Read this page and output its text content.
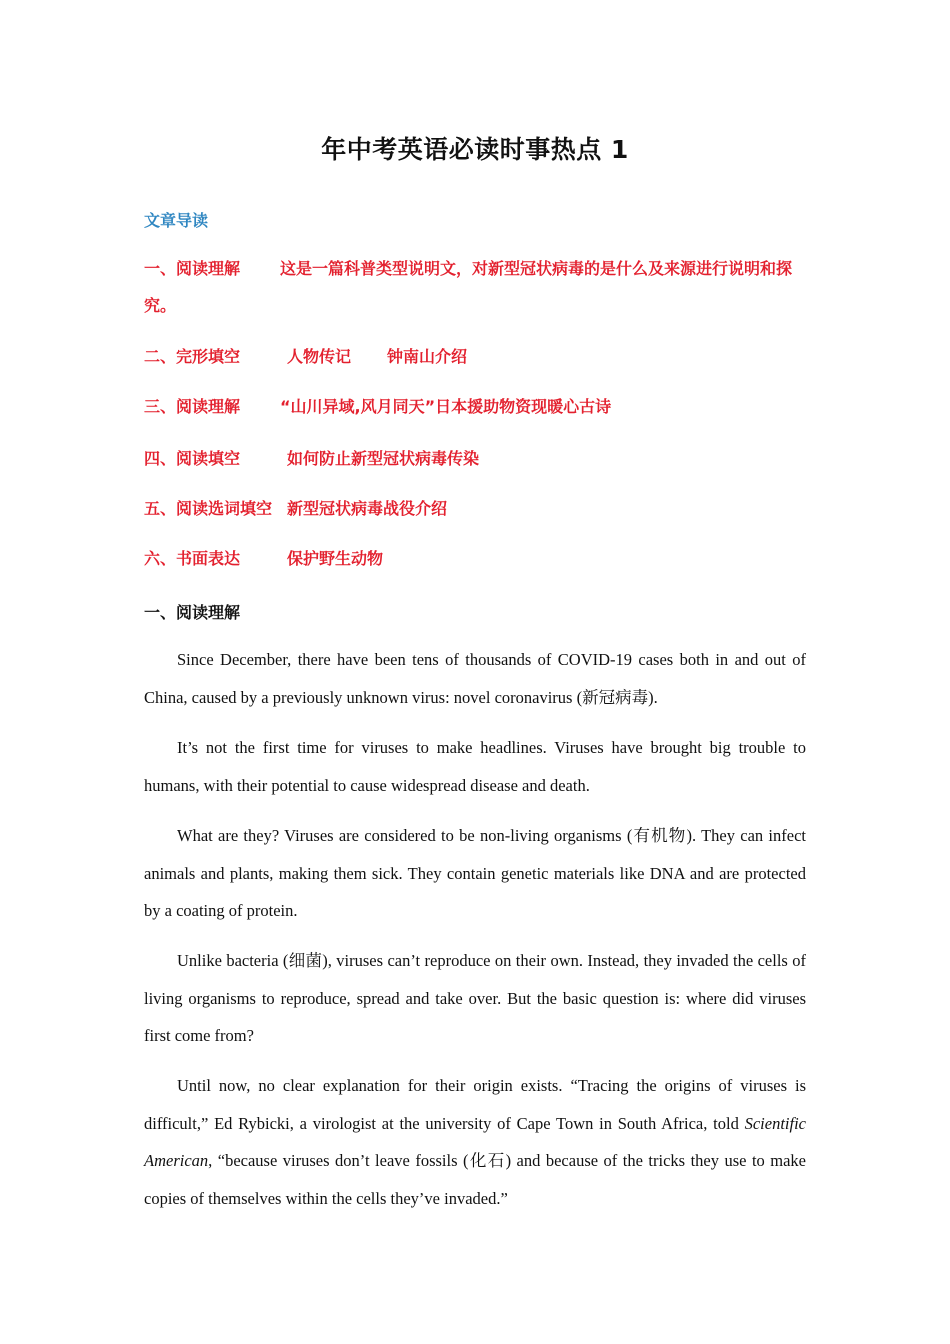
年中考英语必读时事热点 1
文章导读
一、阅读理解 这是一篇科普类型说明文，对新型冠状病毒的是什么及来源进行说明和探究。
二、完形填空	人物传记 钟南山介绍
三、阅读理解 “山川异域,风月同天”日本援助物资现暖心古诗
四、阅读填空	如何防止新型冠状病毒传染
五、阅读选词填空 新型冠状病毒战役介绍
六、书面表达	保护野生动物
一、阅读理解

Since December, there have been tens of thousands of COVID-19 cases both in and out of China, caused by a previously unknown virus: novel coronavirus (新冠病毒).

It’s not the first time for viruses to make headlines. Viruses have brought big trouble to humans, with their potential to cause widespread disease and death.

What are they? Viruses are considered to be non-living organisms (有机物). They can infect animals and plants, making them sick. They contain genetic materials like DNA and are protected by a coating of protein.

Unlike bacteria (细菌), viruses can’t reproduce on their own. Instead, they invaded the cells of living organisms to reproduce, spread and take over. But the basic question is: where did viruses first come from?

Until now, no clear explanation for their origin exists. “Tracing the origins of viruses is difficult,” Ed Rybicki, a virologist at the university of Cape Town in South Africa, told Scientific American, “because viruses don’t leave fossils (化石) and because of the tricks they use to make copies of themselves within the cells they’ve invaded.”
